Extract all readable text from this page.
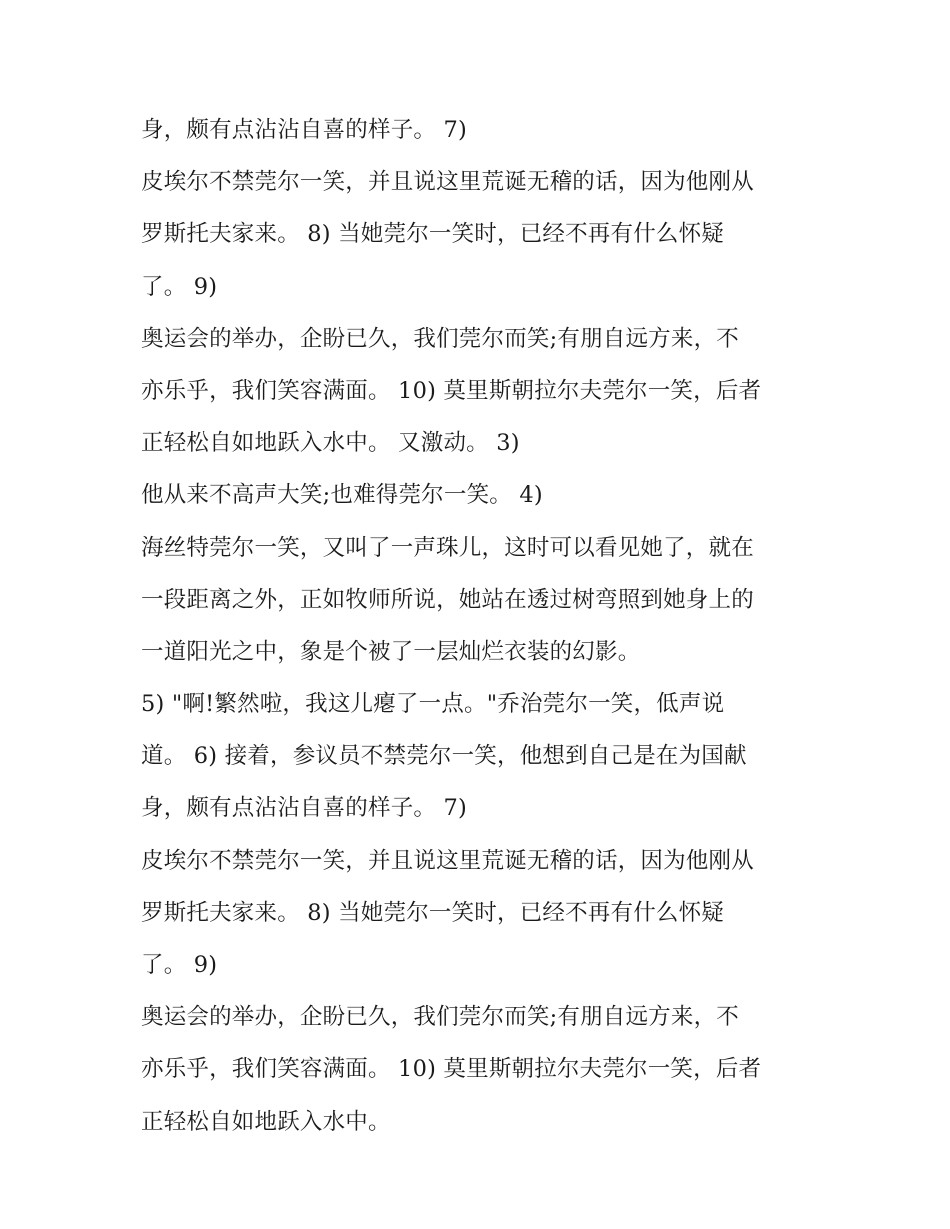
身，颇有点沾沾自喜的样子。 7)
皮埃尔不禁莞尔一笑，并且说这里荒诞无稽的话，因为他刚从
罗斯托夫家来。 8) 当她莞尔一笑时，已经不再有什么怀疑
了。 9)
奥运会的举办，企盼已久，我们莞尔而笑;有朋自远方来，不
亦乐乎，我们笑容满面。 10) 莫里斯朝拉尔夫莞尔一笑，后者
正轻松自如地跃入水中。 又激动。 3)
他从来不高声大笑;也难得莞尔一笑。 4)
海丝特莞尔一笑，又叫了一声珠儿，这时可以看见她了，就在
一段距离之外，正如牧师所说，她站在透过树弯照到她身上的
一道阳光之中，象是个被了一层灿烂衣装的幻影。
5) "啊!繁然啦，我这儿瘪了一点。"乔治莞尔一笑，低声说
道。 6) 接着，参议员不禁莞尔一笑，他想到自己是在为国献
身，颇有点沾沾自喜的样子。 7)
皮埃尔不禁莞尔一笑，并且说这里荒诞无稽的话，因为他刚从
罗斯托夫家来。 8) 当她莞尔一笑时，已经不再有什么怀疑
了。 9)
奥运会的举办，企盼已久，我们莞尔而笑;有朋自远方来，不
亦乐乎，我们笑容满面。 10) 莫里斯朝拉尔夫莞尔一笑，后者
正轻松自如地跃入水中。
